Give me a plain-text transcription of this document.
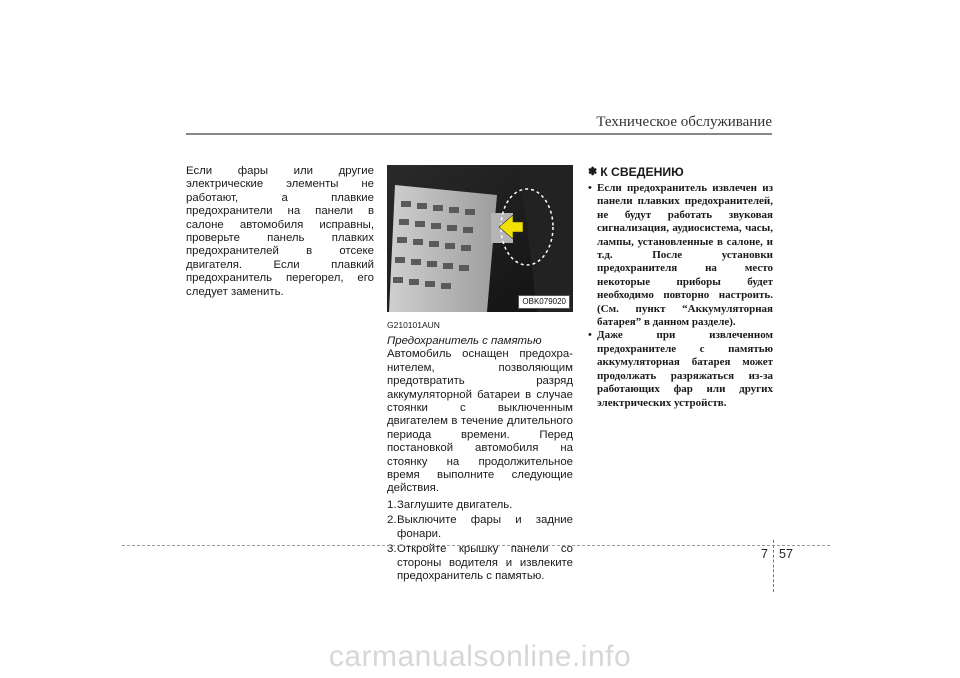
Техническое обслуживание

Если фары или другие электрические элементы не работают, а плавкие предохранители на панели в салоне автомобиля исправны, проверьте панель плавких предохранителей в отсеке двигателя. Если плавкий предохранитель перегорел, его следует заменить.

OBK079020

G210101AUN

Предохранитель с памятью

Автомобиль оснащен предохра-нителем, позволяющим предотвратить разряд аккумуляторной батареи в случае стоянки с выключенным двигателем в течение длительного периода времени. Перед постановкой автомобиля на стоянку на продолжительное время выполните следующие действия.

1. Заглушите двигатель.
2. Выключите фары и задние фонари.
3. Откройте крышку панели со стороны водителя и извлеките предохранитель с памятью.
✽ К СВЕДЕНИЮ
• Если предохранитель извлечен из панели плавких предохранителей, не будут работать звуковая сигнализация, аудиосистема, часы, лампы, установленные в салоне, и т.д. После установки предохранителя на место некоторые приборы будет необходимо повторно настроить. (См. пункт “Аккумуляторная батарея” в данном разделе).
• Даже при извлеченном предохранителе с памятью аккумуляторная батарея может продолжать разряжаться из-за работающих фар или других электрических устройств.
7 57
carmanualsonline.info
